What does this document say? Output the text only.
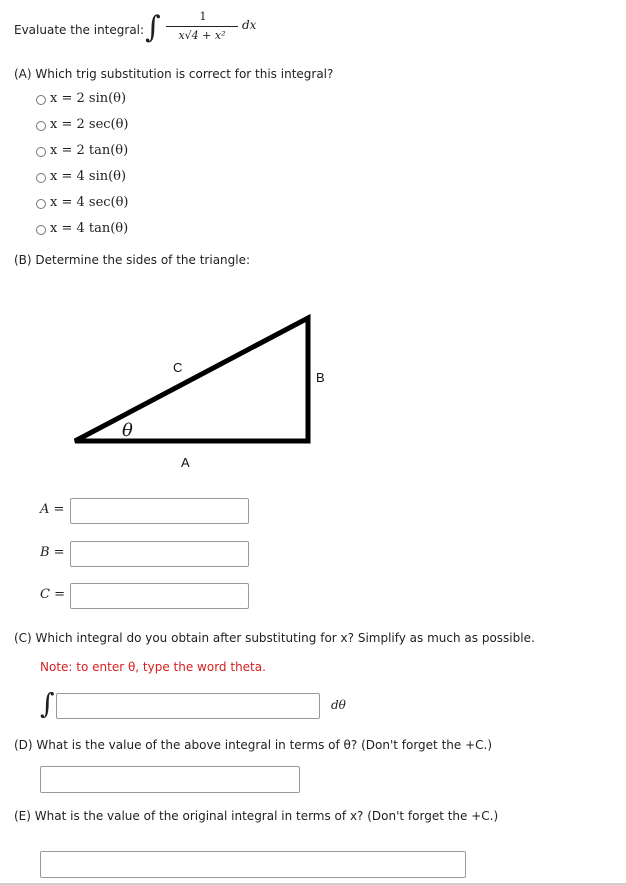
Evaluate the integral: ∫	1
x√4 + x²
dx
(A) Which trig substitution is correct for this integral?
x = 2 sin(θ)
x = 2 sec(θ)
x = 2 tan(θ)
x = 4 sin(θ)
x = 4 sec(θ)
x = 4 tan(θ)
(B) Determine the sides of the triangle:
C
B
A
θ
A =
B =
C =
(C) Which integral do you obtain after substituting for x? Simplify as much as possible.
Note: to enter θ, type the word theta.
∫	dθ
(D) What is the value of the above integral in terms of θ? (Don't forget the +C.)
(E) What is the value of the original integral in terms of x? (Don't forget the +C.)
